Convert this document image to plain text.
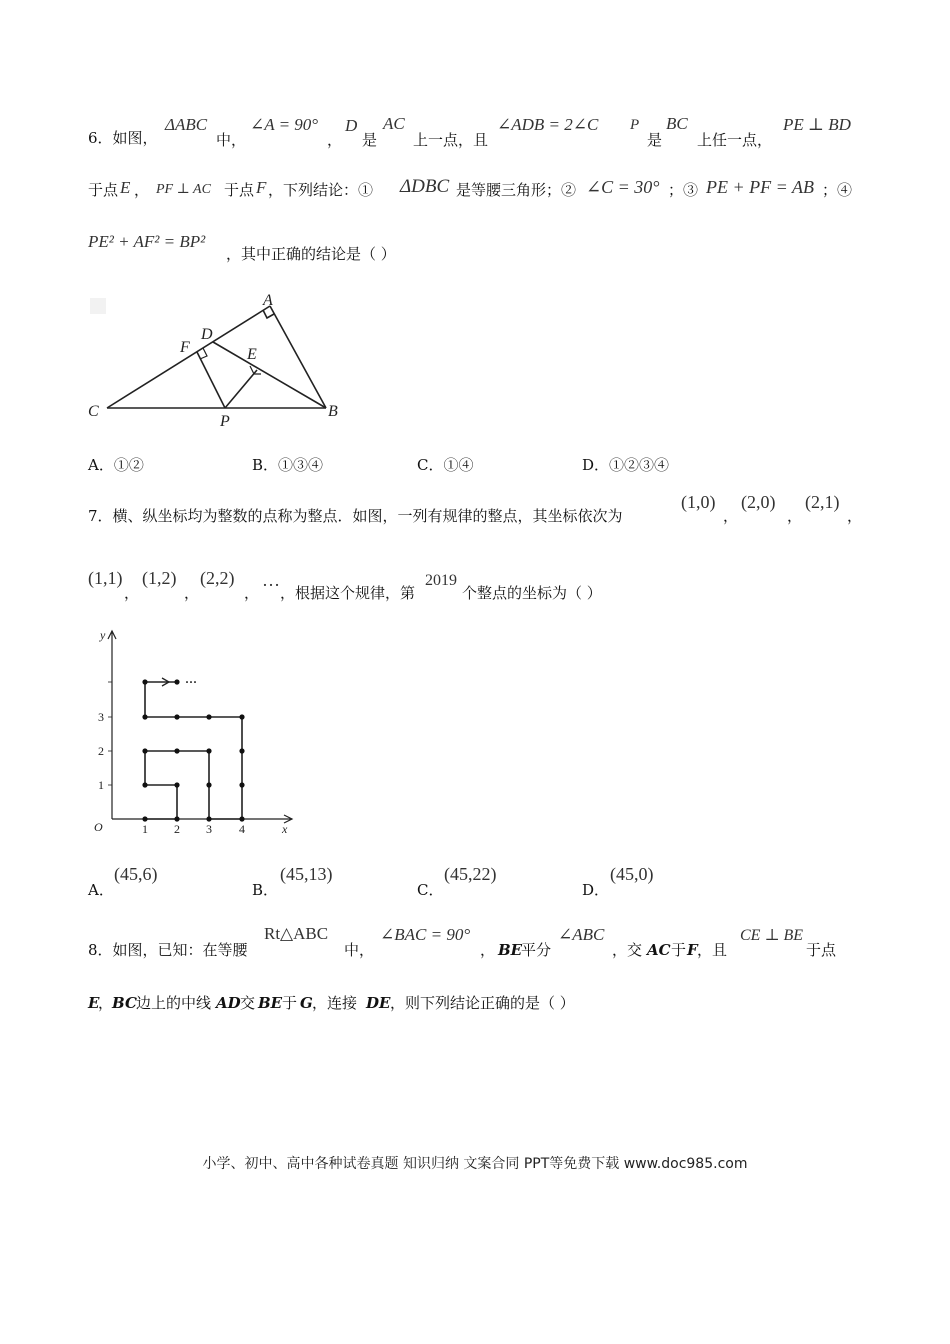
6．如图，
ΔABC
中，
∠A = 90°
，
D
是
AC
上一点，且
∠ADB = 2∠C P
是
BC
上任一点，
PE ⊥ BD
于点 E ， PF ⊥ AC 于点 F ，下列结论：① ΔDBC 是等腰三角形；② ∠C = 30° ；③ PE + PF = AB ；④
PE² + AF² = BP²
，其中正确的结论是（ ）
A
B
C
D
E
F
P
A．①②	B．①③④	C．①④	D．①②③④
7．横、纵坐标均为整数的点称为整点．如图，一列有规律的整点，其坐标依次为
(1,0)
，
(2,0)
，
(2,1)
，
(1,1)
，
(1,2)
，
(2,2)
，
…
，根据这个规律，第
2019
个整点的坐标为（ ）
···
y
x
O	1 2 3 4
1
2
3
A．
(45,6)
B．
(45,13)
C．
(45,22)
D．
(45,0)
8．如图，已知：在等腰
Rt△ABC
中，
∠BAC = 90°
， BE
平分
∠ABC
，交 AC 于 F ，且
CE ⊥ BE
于点
E
，
BC 边上的中线 AD 交 BE 于 G ，连接 DE ，则下列结论正确的是（ ）
小学、初中、高中各种试卷真题 知识归纳 文案合同 PPT等免费下载 www.doc985.com
